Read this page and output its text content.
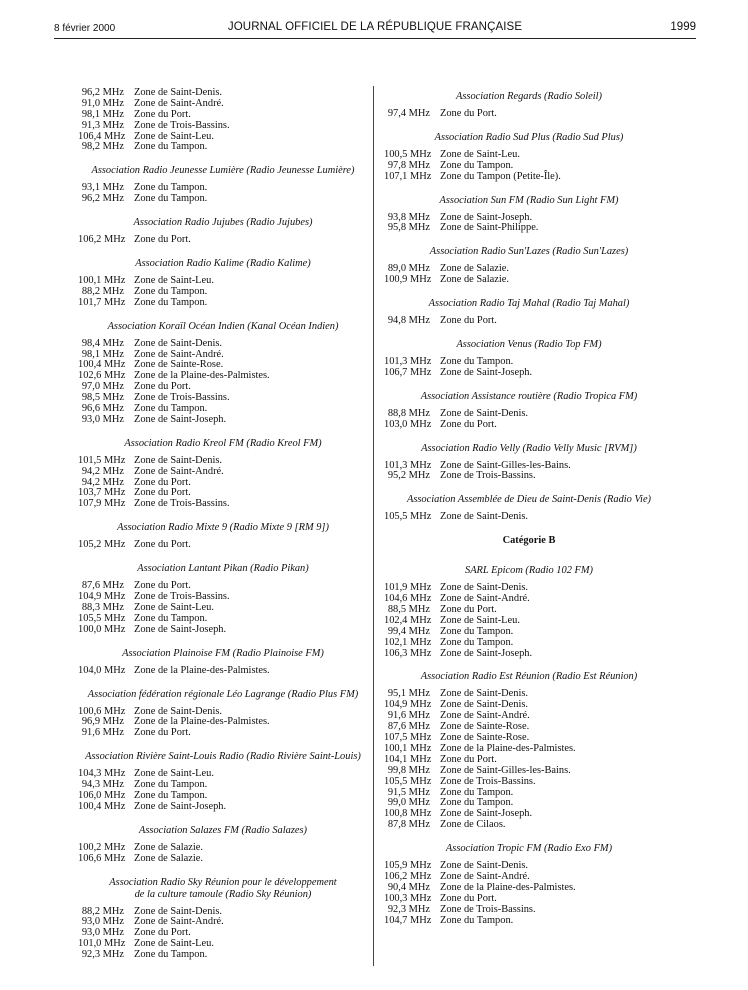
8 février 2000	JOURNAL OFFICIEL DE LA RÉPUBLIQUE FRANÇAISE	1999
96,2 MHz Zone de Saint-Denis.
91,0 MHz Zone de Saint-André.
98,1 MHz Zone du Port.
91,3 MHz Zone de Trois-Bassins.
106,4 MHz Zone de Saint-Leu.
98,2 MHz Zone du Tampon.
Association Radio Jeunesse Lumière (Radio Jeunesse Lumière)
93,1 MHz Zone du Tampon.
96,2 MHz Zone du Tampon.
Association Radio Jujubes (Radio Jujubes)
106,2 MHz Zone du Port.
Association Radio Kalime (Radio Kalime)
100,1 MHz Zone de Saint-Leu.
88,2 MHz Zone du Tampon.
101,7 MHz Zone du Tampon.
Association Koraïl Océan Indien (Kanal Océan Indien)
98,4 MHz Zone de Saint-Denis.
98,1 MHz Zone de Saint-André.
100,4 MHz Zone de Sainte-Rose.
102,6 MHz Zone de la Plaine-des-Palmistes.
97,0 MHz Zone du Port.
98,5 MHz Zone de Trois-Bassins.
96,6 MHz Zone du Tampon.
93,0 MHz Zone de Saint-Joseph.
Association Radio Kreol FM (Radio Kreol FM)
101,5 MHz Zone de Saint-Denis.
94,2 MHz Zone de Saint-André.
94,2 MHz Zone du Port.
103,7 MHz Zone du Port.
107,9 MHz Zone de Trois-Bassins.
Association Radio Mixte 9 (Radio Mixte 9 [RM 9])
105,2 MHz Zone du Port.
Association Lantant Pikan (Radio Pikan)
87,6 MHz Zone du Port.
104,9 MHz Zone de Trois-Bassins.
88,3 MHz Zone de Saint-Leu.
105,5 MHz Zone du Tampon.
100,0 MHz Zone de Saint-Joseph.
Association Plainoise FM (Radio Plainoise FM)
104,0 MHz Zone de la Plaine-des-Palmistes.
Association fédération régionale Léo Lagrange (Radio Plus FM)
100,6 MHz Zone de Saint-Denis.
96,9 MHz Zone de la Plaine-des-Palmistes.
91,6 MHz Zone du Port.
Association Rivière Saint-Louis Radio (Radio Rivière Saint-Louis)
104,3 MHz Zone de Saint-Leu.
94,3 MHz Zone du Tampon.
106,0 MHz Zone du Tampon.
100,4 MHz Zone de Saint-Joseph.
Association Salazes FM (Radio Salazes)
100,2 MHz Zone de Salazie.
106,6 MHz Zone de Salazie.
Association Radio Sky Réunion pour le développement
de la culture tamoule (Radio Sky Réunion)
88,2 MHz Zone de Saint-Denis.
93,0 MHz Zone de Saint-André.
93,0 MHz Zone du Port.
101,0 MHz Zone de Saint-Leu.
92,3 MHz Zone du Tampon.
Association Regards (Radio Soleil)
97,4 MHz Zone du Port.
Association Radio Sud Plus (Radio Sud Plus)
100,5 MHz Zone de Saint-Leu.
97,8 MHz Zone du Tampon.
107,1 MHz Zone du Tampon (Petite-Île).
Association Sun FM (Radio Sun Light FM)
93,8 MHz Zone de Saint-Joseph.
95,8 MHz Zone de Saint-Philippe.
Association Radio Sun'Lazes (Radio Sun'Lazes)
89,0 MHz Zone de Salazie.
100,9 MHz Zone de Salazie.
Association Radio Taj Mahal (Radio Taj Mahal)
94,8 MHz Zone du Port.
Association Venus (Radio Top FM)
101,3 MHz Zone du Tampon.
106,7 MHz Zone de Saint-Joseph.
Association Assistance routière (Radio Tropica FM)
88,8 MHz Zone de Saint-Denis.
103,0 MHz Zone du Port.
Association Radio Velly (Radio Velly Music [RVM])
101,3 MHz Zone de Saint-Gilles-les-Bains.
95,2 MHz Zone de Trois-Bassins.
Association Assemblée de Dieu de Saint-Denis (Radio Vie)
105,5 MHz Zone de Saint-Denis.
Catégorie B
SARL Epicom (Radio 102 FM)
101,9 MHz Zone de Saint-Denis.
104,6 MHz Zone de Saint-André.
88,5 MHz Zone du Port.
102,4 MHz Zone de Saint-Leu.
99,4 MHz Zone du Tampon.
102,1 MHz Zone du Tampon.
106,3 MHz Zone de Saint-Joseph.
Association Radio Est Réunion (Radio Est Réunion)
95,1 MHz Zone de Saint-Denis.
104,9 MHz Zone de Saint-Denis.
91,6 MHz Zone de Saint-André.
87,6 MHz Zone de Sainte-Rose.
107,5 MHz Zone de Sainte-Rose.
100,1 MHz Zone de la Plaine-des-Palmistes.
104,1 MHz Zone du Port.
99,8 MHz Zone de Saint-Gilles-les-Bains.
105,5 MHz Zone de Trois-Bassins.
91,5 MHz Zone du Tampon.
99,0 MHz Zone du Tampon.
100,8 MHz Zone de Saint-Joseph.
87,8 MHz Zone de Cilaos.
Association Tropic FM (Radio Exo FM)
105,9 MHz Zone de Saint-Denis.
106,2 MHz Zone de Saint-André.
90,4 MHz Zone de la Plaine-des-Palmistes.
100,3 MHz Zone du Port.
92,3 MHz Zone de Trois-Bassins.
104,7 MHz Zone du Tampon.
